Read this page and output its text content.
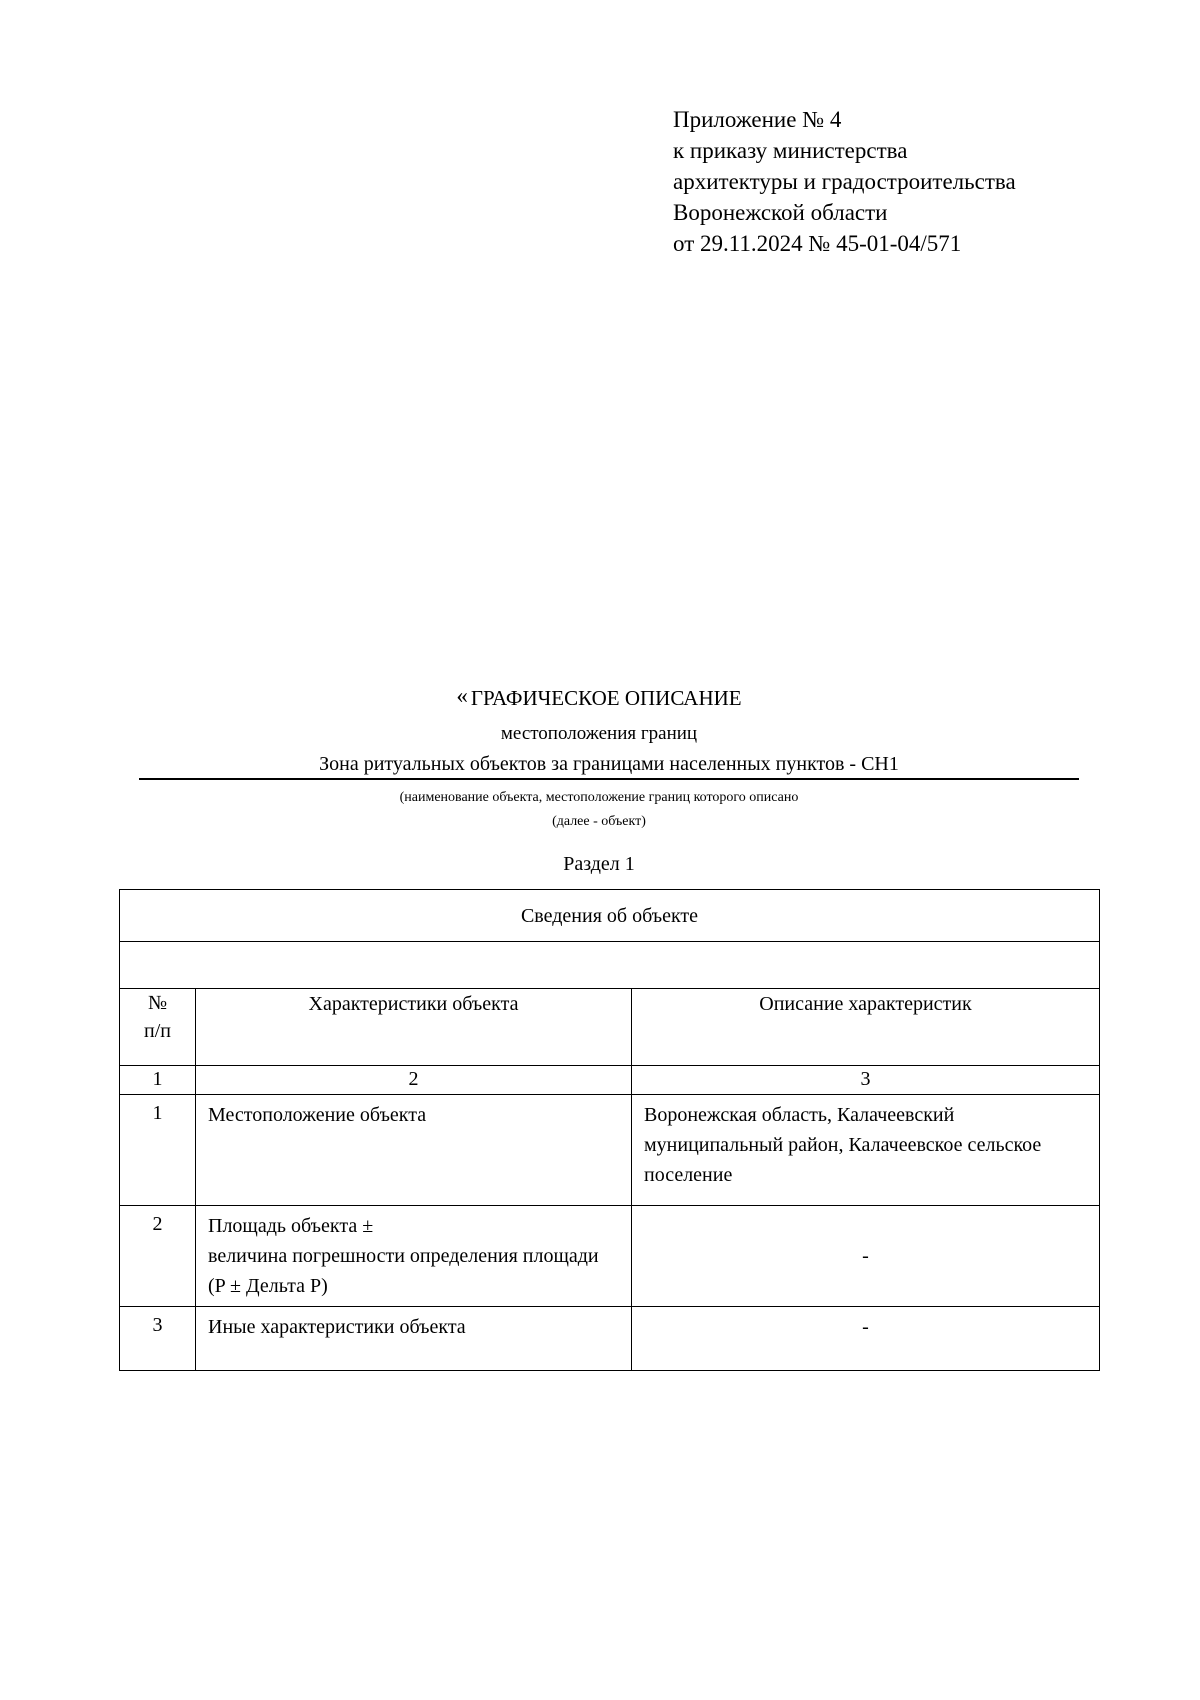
Приложение № 4
к приказу министерства
архитектуры и градостроительства
Воронежской области
от 29.11.2024 № 45-01-04/571
« ГРАФИЧЕСКОЕ ОПИСАНИЕ
местоположения границ
Зона ритуальных объектов за границами населенных пунктов - СН1
(наименование объекта, местоположение границ которого описано
(далее - объект)
Раздел 1
Сведения об объекте		

№
п/п	Характеристики объекта	Описание характеристик
1	2	3
1	Местоположение объекта	Воронежская область, Калачеевский муниципальный район, Калачеевское сельское поселение
2	Площадь объекта ±
величина погрешности определения площади (P ± Дельта P)	-
3	Иные характеристики объекта	-
